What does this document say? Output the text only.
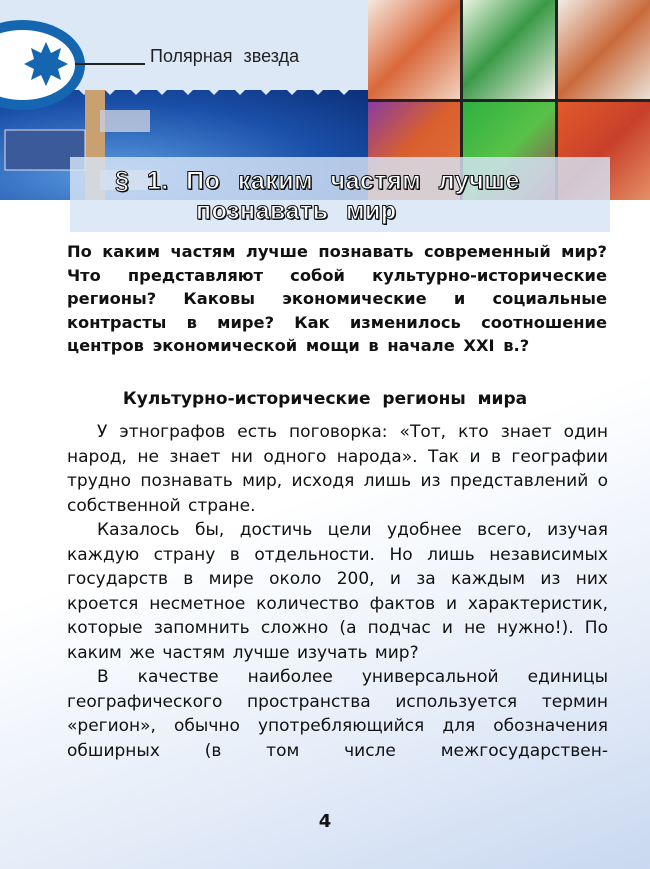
Полярная звезда
§ 1. По каким частям лучше
познавать мир
По каким частям лучше познавать современный мир? Что представляют собой культурно-исторические регионы? Каковы экономические и социальные контрасты в мире? Как изменилось соотношение центров экономической мощи в начале XXI в.?
Культурно-исторические регионы мира

У этнографов есть поговорка: «Тот, кто знает один народ, не знает ни одного народа». Так и в географии трудно познавать мир, исходя лишь из представлений о собственной стране.

Казалось бы, достичь цели удобнее всего, изучая каждую страну в отдельности. Но лишь независимых государств в мире около 200, и за каждым из них кроется несметное количество фактов и характеристик, которые запомнить сложно (а подчас и не нужно!). По каким же частям лучше изучать мир?

В качестве наиболее универсальной единицы географического пространства используется термин «регион», обычно употребляющийся для обозначения обширных (в том числе межгосударствен-

4
